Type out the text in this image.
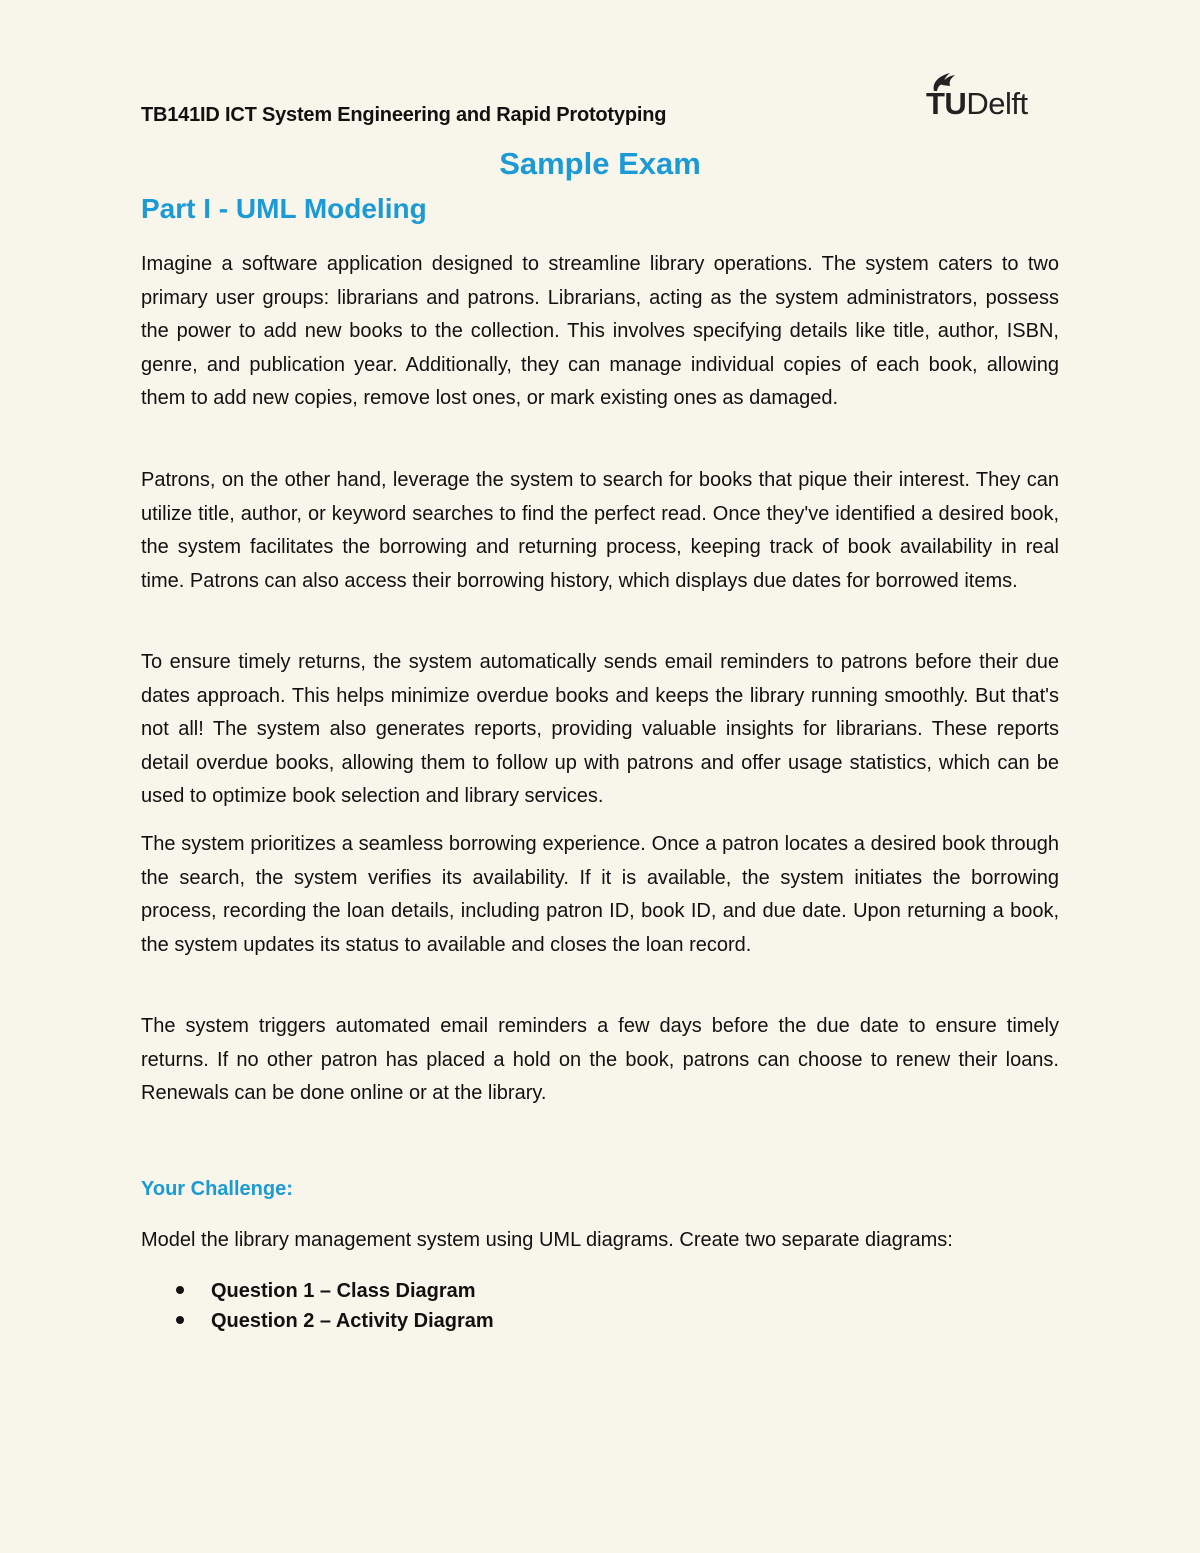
TB141ID ICT System Engineering and Rapid Prototyping	TUDelft
Sample Exam
Part I - UML Modeling

Imagine a software application designed to streamline library operations. The system caters to two primary user groups: librarians and patrons. Librarians, acting as the system administrators, possess the power to add new books to the collection. This involves specifying details like title, author, ISBN, genre, and publication year. Additionally, they can manage individual copies of each book, allowing them to add new copies, remove lost ones, or mark existing ones as damaged.

Patrons, on the other hand, leverage the system to search for books that pique their interest. They can utilize title, author, or keyword searches to find the perfect read. Once they've identified a desired book, the system facilitates the borrowing and returning process, keeping track of book availability in real time. Patrons can also access their borrowing history, which displays due dates for borrowed items.

To ensure timely returns, the system automatically sends email reminders to patrons before their due dates approach. This helps minimize overdue books and keeps the library running smoothly. But that's not all! The system also generates reports, providing valuable insights for librarians. These reports detail overdue books, allowing them to follow up with patrons and offer usage statistics, which can be used to optimize book selection and library services.

The system prioritizes a seamless borrowing experience. Once a patron locates a desired book through the search, the system verifies its availability. If it is available, the system initiates the borrowing process, recording the loan details, including patron ID, book ID, and due date. Upon returning a book, the system updates its status to available and closes the loan record.

The system triggers automated email reminders a few days before the due date to ensure timely returns. If no other patron has placed a hold on the book, patrons can choose to renew their loans. Renewals can be done online or at the library.

Your Challenge:
Model the library management system using UML diagrams. Create two separate diagrams:
Question 1 – Class Diagram
Question 2 – Activity Diagram
